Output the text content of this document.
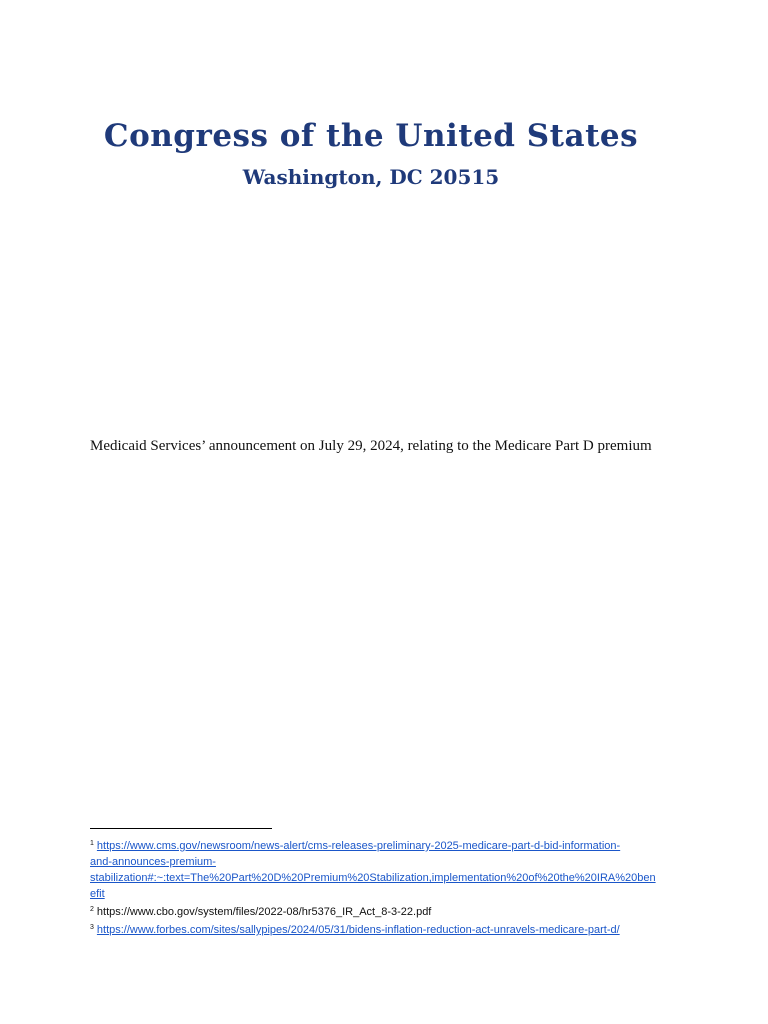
Congress of the United States
Washington, DC 20515
Medicaid Services’ announcement on July 29, 2024, relating to the Medicare Part D premium
$^1$ https://www.cms.gov/newsroom/news-alert/cms-releases-preliminary-2025-medicare-part-d-bid-information-
and-announces-premium-
stabilization#:~:text=The%20Part%20D%20Premium%20Stabilization,implementation%20of%20the%20IRA%20ben
efit
$^2$ https://www.cbo.gov/system/files/2022-08/hr5376_IR_Act_8-3-22.pdf
$^3$ https://www.forbes.com/sites/sallypipes/2024/05/31/bidens-inflation-reduction-act-unravels-medicare-part-d/
